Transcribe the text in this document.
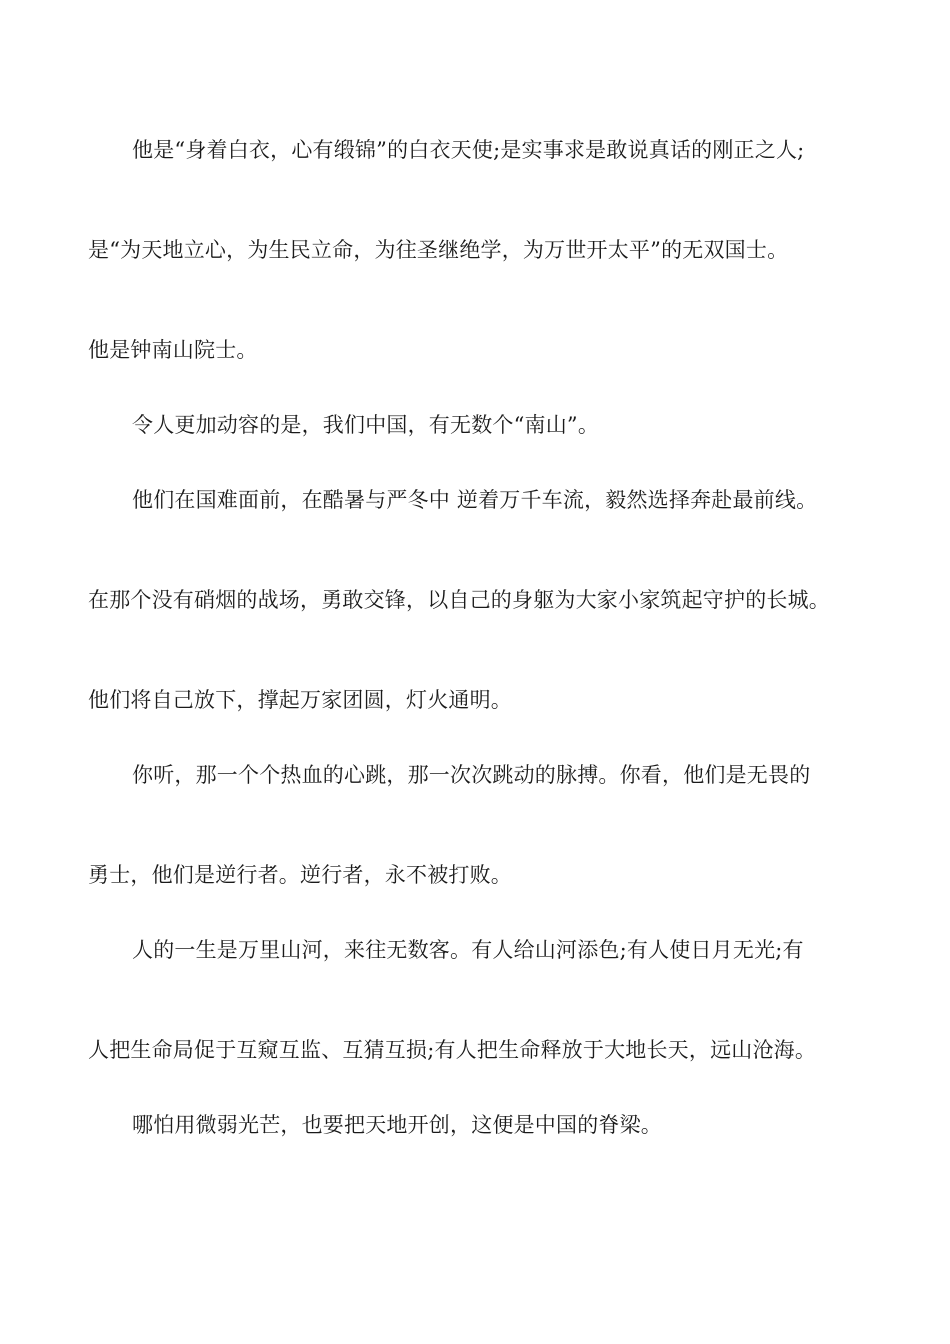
他是“身着白衣，心有缎锦”的白衣天使;是实事求是敢说真话的刚正之人;

是“为天地立心，为生民立命，为往圣继绝学，为万世开太平”的无双国士。

他是钟南山院士。

令人更加动容的是，我们中国，有无数个“南山”。

他们在国难面前，在酷暑与严冬中 逆着万千车流，毅然选择奔赴最前线。

在那个没有硝烟的战场，勇敢交锋，以自己的身躯为大家小家筑起守护的长城。

他们将自己放下，撑起万家团圆，灯火通明。

你听，那一个个热血的心跳，那一次次跳动的脉搏。你看，他们是无畏的

勇士，他们是逆行者。逆行者，永不被打败。

人的一生是万里山河，来往无数客。有人给山河添色;有人使日月无光;有

人把生命局促于互窥互监、互猜互损;有人把生命释放于大地长天，远山沧海。

哪怕用微弱光芒，也要把天地开创，这便是中国的脊梁。
